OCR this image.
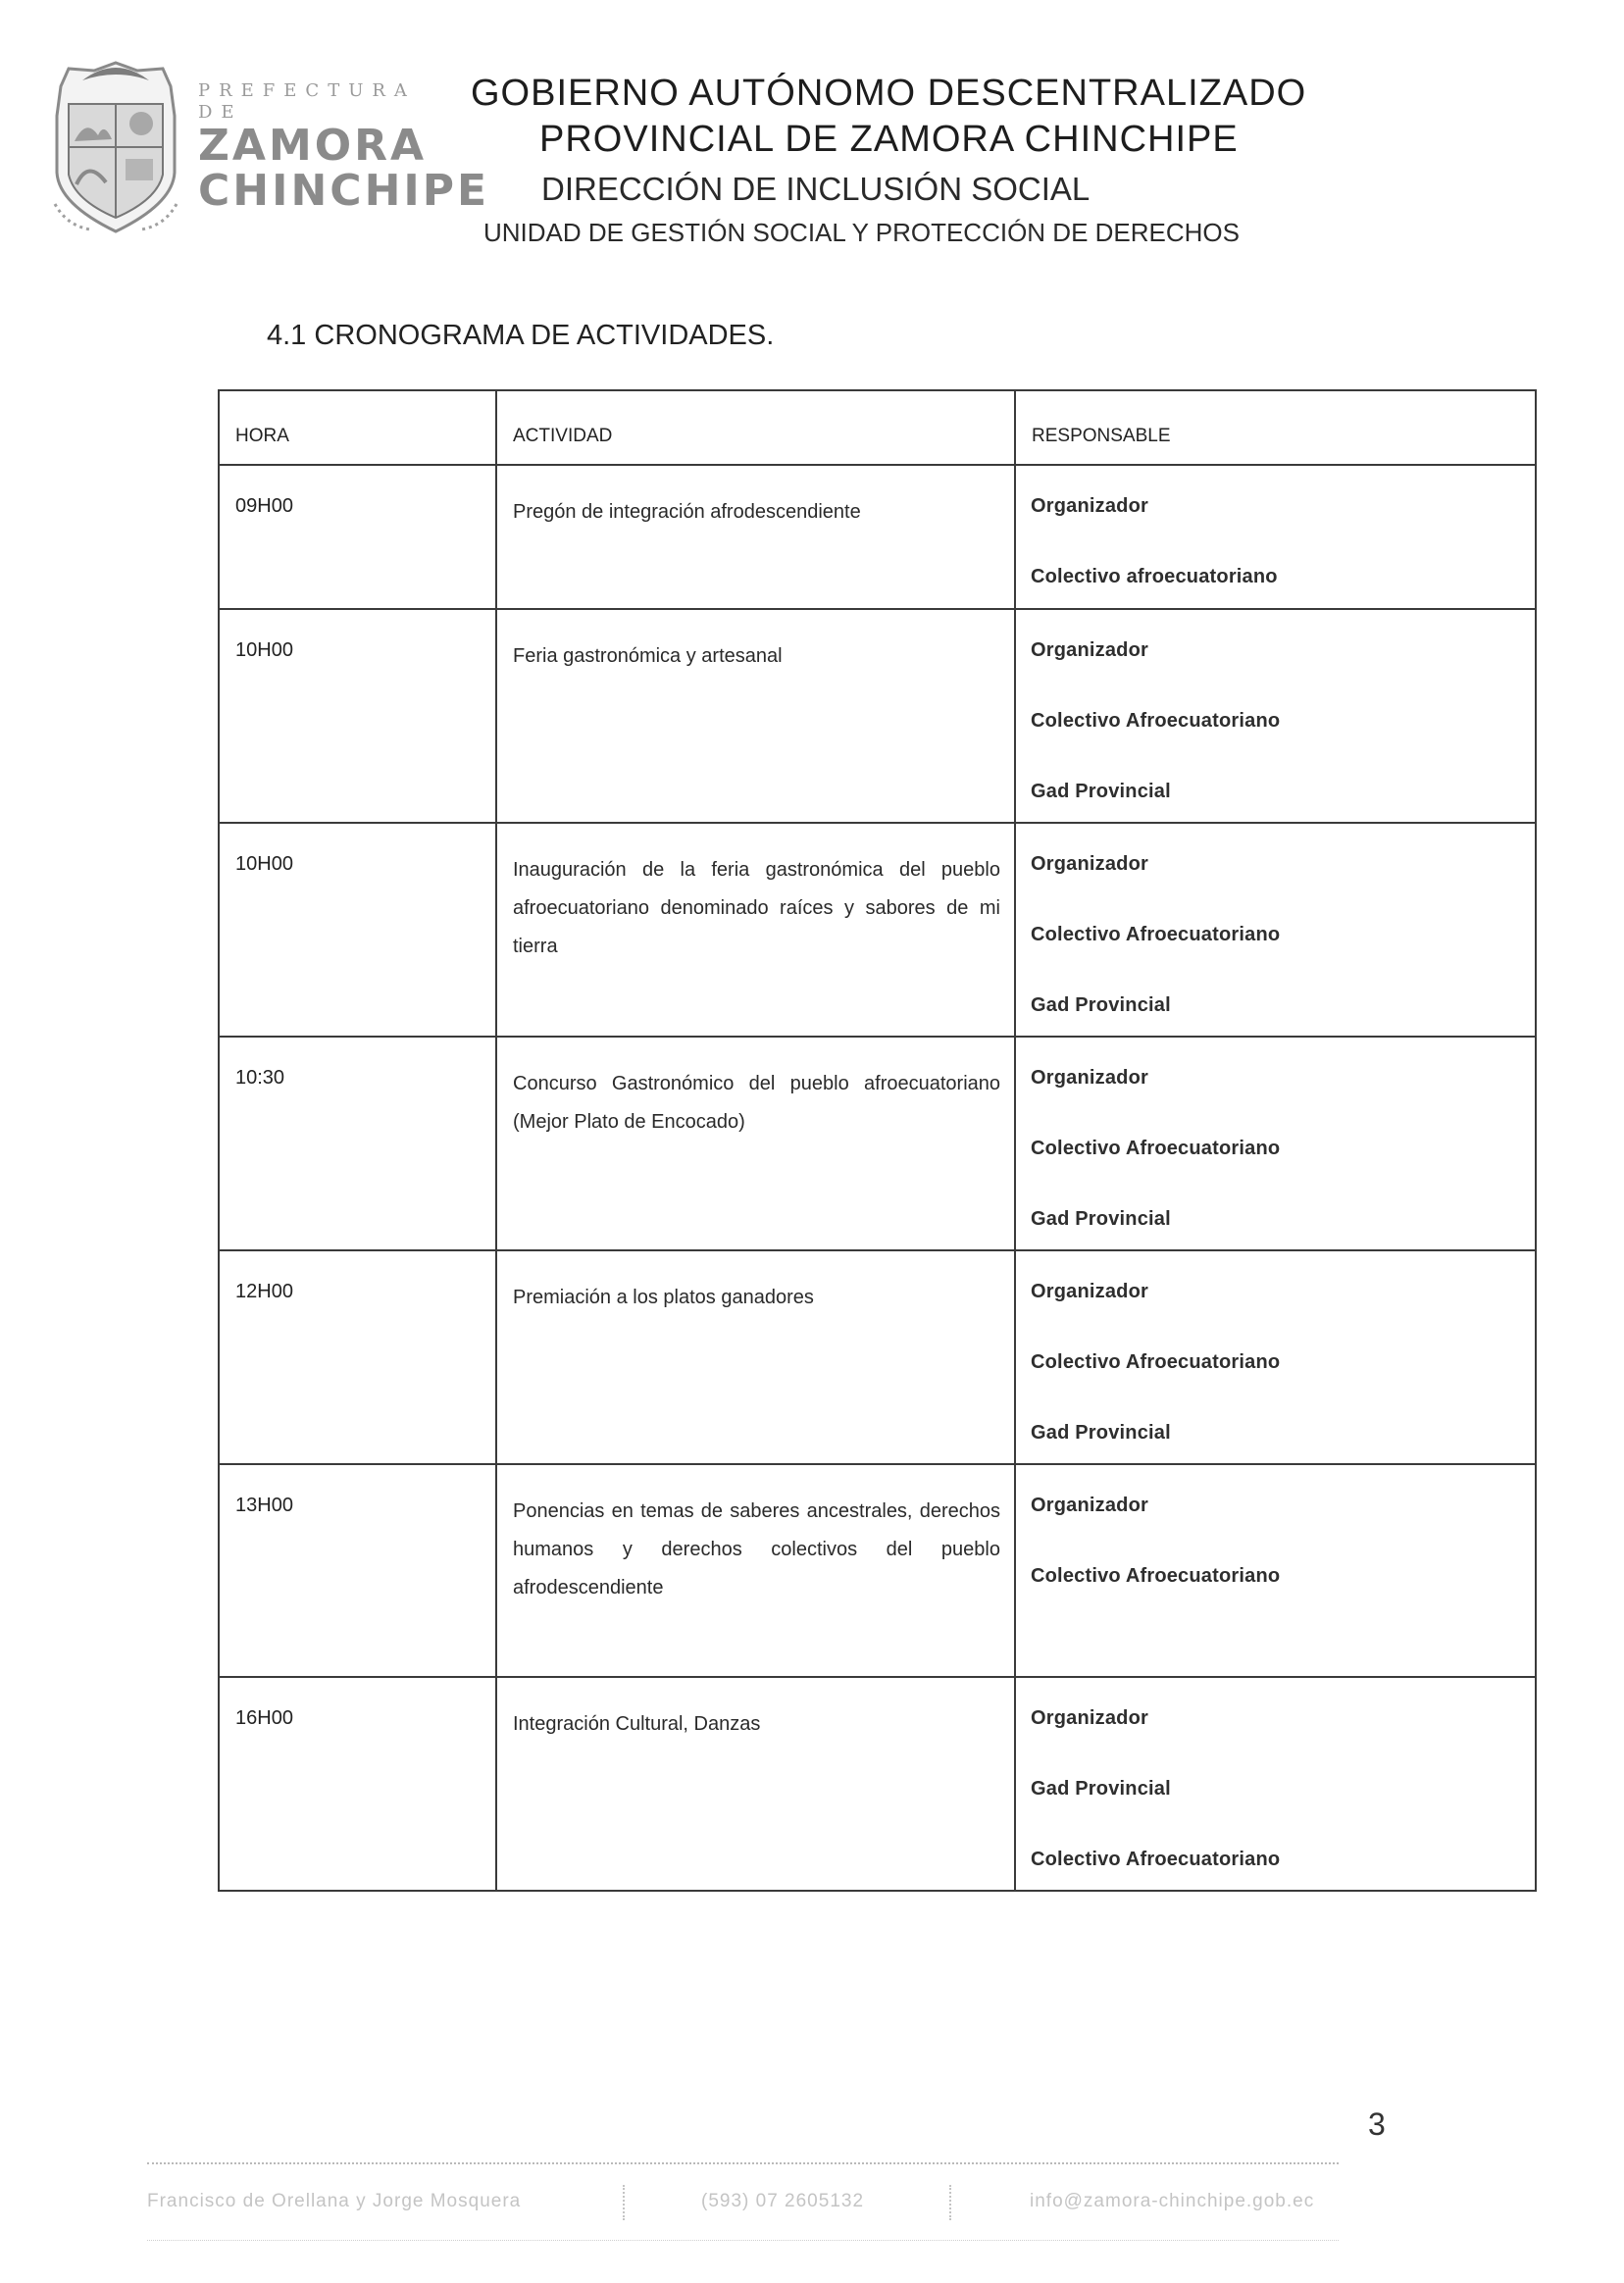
PREFECTURA DE
ZAMORA
CHINCHIPE
GOBIERNO AUTÓNOMO DESCENTRALIZADO
PROVINCIAL DE ZAMORA CHINCHIPE
DIRECCIÓN DE INCLUSIÓN SOCIAL
UNIDAD DE GESTIÓN SOCIAL Y PROTECCIÓN DE DERECHOS
4.1 CRONOGRAMA DE ACTIVIDADES.
HORA	ACTIVIDAD	RESPONSABLE

09H00	Pregón de integración afrodescendiente	Organizador
Colectivo afroecuatoriano

10H00	Feria gastronómica y artesanal	Organizador
Colectivo Afroecuatoriano
Gad Provincial

10H00	Inauguración de la feria gastronómica del pueblo afroecuatoriano denominado raíces y sabores de mi tierra	Organizador
Colectivo Afroecuatoriano
Gad Provincial

10:30	Concurso Gastronómico del pueblo afroecuatoriano (Mejor Plato de Encocado)	Organizador
Colectivo Afroecuatoriano
Gad Provincial

12H00	Premiación a los platos ganadores	Organizador
Colectivo Afroecuatoriano
Gad Provincial

13H00	Ponencias en temas de saberes ancestrales, derechos humanos y derechos colectivos del pueblo afrodescendiente	Organizador
Colectivo Afroecuatoriano

16H00	Integración Cultural, Danzas	Organizador
Gad Provincial
Colectivo Afroecuatoriano
3
Francisco de Orellana y Jorge Mosquera	(593) 07 2605132	info@zamora-chinchipe.gob.ec
